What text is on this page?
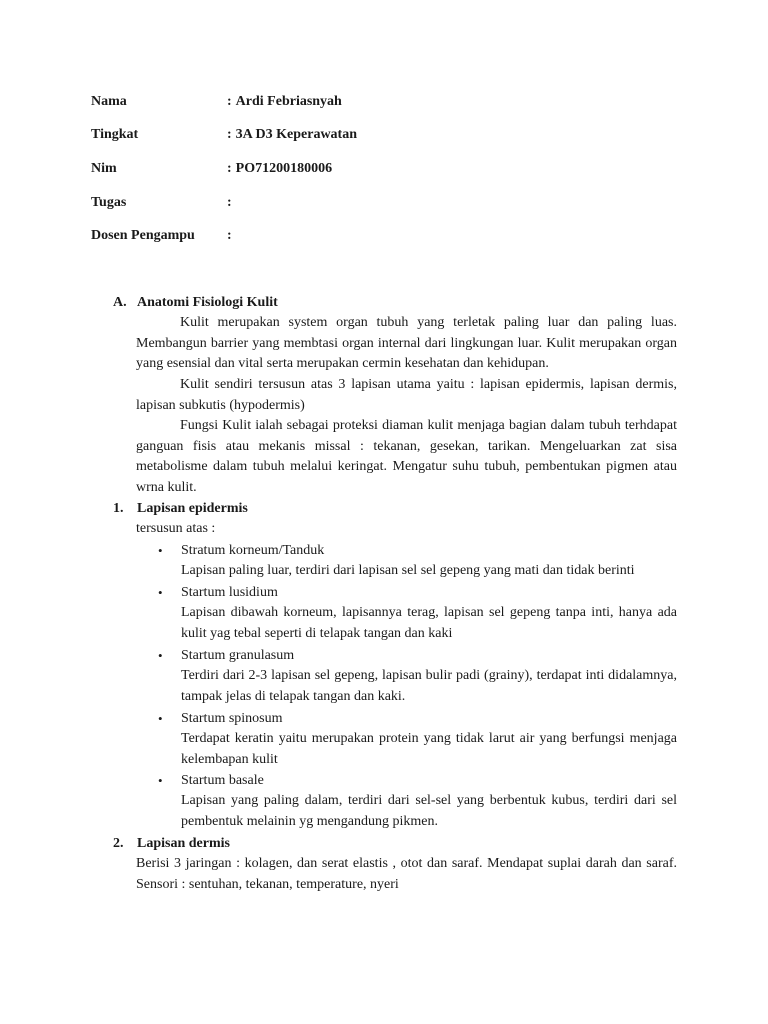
Nama	: Ardi Febriasnyah
Tingkat	: 3A D3 Keperawatan
Nim	: PO71200180006
Tugas	:
Dosen Pengampu :
A. Anatomi Fisiologi Kulit
Kulit merupakan system organ tubuh yang terletak paling luar dan paling luas. Membangun barrier yang membtasi organ internal dari lingkungan luar. Kulit merupakan organ yang esensial dan vital serta merupakan cermin kesehatan dan kehidupan.
Kulit sendiri tersusun atas 3 lapisan utama yaitu : lapisan epidermis, lapisan dermis, lapisan subkutis (hypodermis)
Fungsi Kulit ialah sebagai proteksi diaman kulit menjaga bagian dalam tubuh terhdapat ganguan fisis atau mekanis missal : tekanan, gesekan, tarikan. Mengeluarkan zat sisa metabolisme dalam tubuh melalui keringat. Mengatur suhu tubuh, pembentukan pigmen atau wrna kulit.
1. Lapisan epidermis
tersusun atas :
• Stratum korneum/Tanduk
Lapisan paling luar, terdiri dari lapisan sel sel gepeng yang mati dan tidak berinti
• Startum lusidium
Lapisan dibawah korneum, lapisannya terag, lapisan sel gepeng tanpa inti, hanya ada kulit yag tebal seperti di telapak tangan dan kaki
• Startum granulasum
Terdiri dari 2-3 lapisan sel gepeng, lapisan bulir padi (grainy), terdapat inti didalamnya, tampak jelas di telapak tangan dan kaki.
• Startum spinosum
Terdapat keratin yaitu merupakan protein yang tidak larut air yang berfungsi menjaga kelembapan kulit
• Startum basale
Lapisan yang paling dalam, terdiri dari sel-sel yang berbentuk kubus, terdiri dari sel pembentuk melainin yg mengandung pikmen.
2. Lapisan dermis
Berisi 3 jaringan : kolagen, dan serat elastis , otot dan saraf. Mendapat suplai darah dan saraf. Sensori : sentuhan, tekanan, temperature, nyeri
